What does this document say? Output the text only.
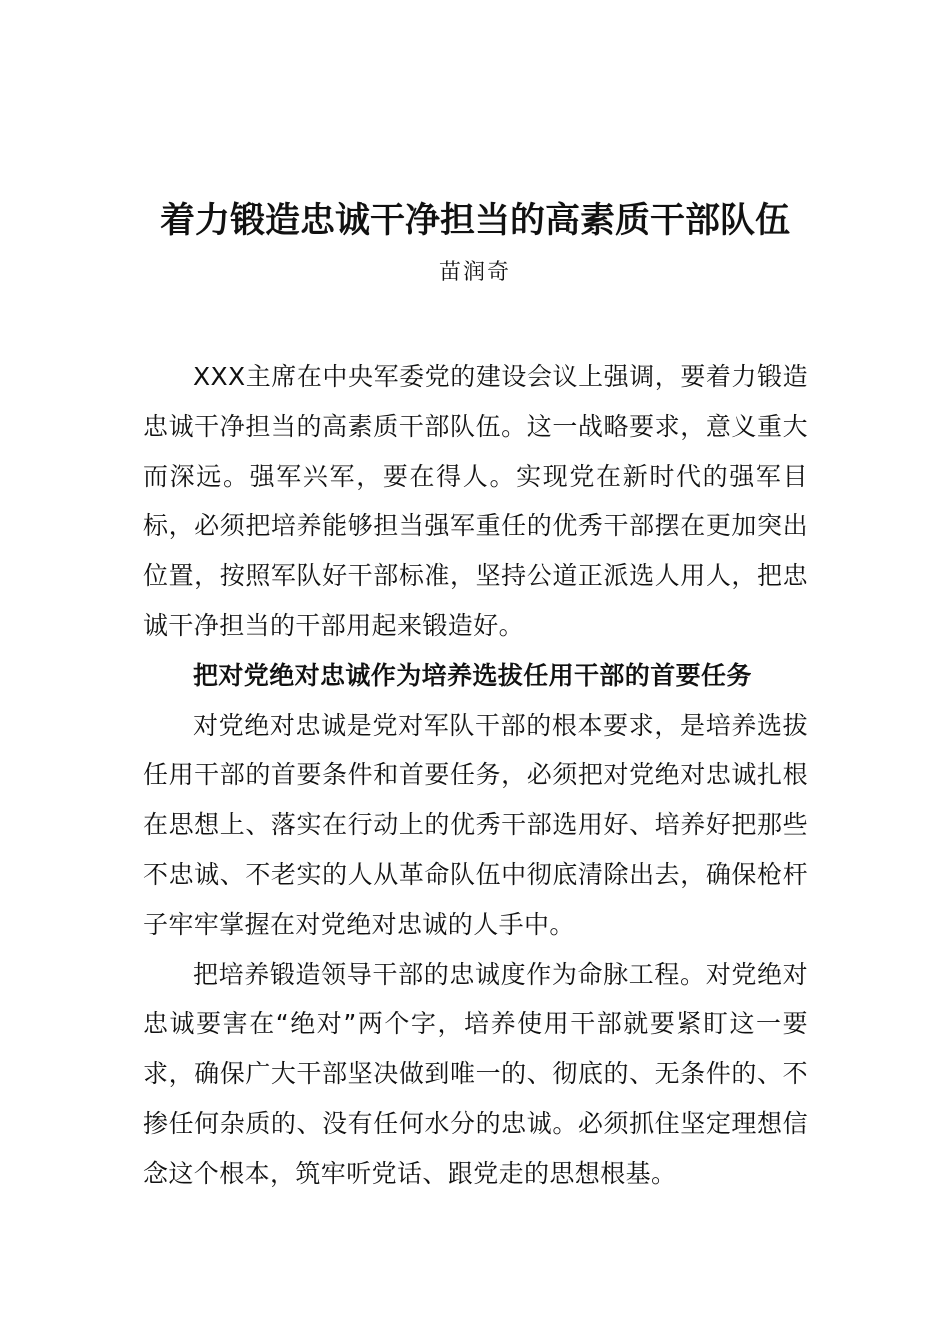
着力锻造忠诚干净担当的高素质干部队伍
苗润奇

XXX主席在中央军委党的建设会议上强调，要着力锻造忠诚干净担当的高素质干部队伍。这一战略要求，意义重大而深远。强军兴军，要在得人。实现党在新时代的强军目标，必须把培养能够担当强军重任的优秀干部摆在更加突出位置，按照军队好干部标准，坚持公道正派选人用人，把忠诚干净担当的干部用起来锻造好。

把对党绝对忠诚作为培养选拔任用干部的首要任务

对党绝对忠诚是党对军队干部的根本要求，是培养选拔任用干部的首要条件和首要任务，必须把对党绝对忠诚扎根在思想上、落实在行动上的优秀干部选用好、培养好把那些不忠诚、不老实的人从革命队伍中彻底清除出去，确保枪杆子牢牢掌握在对党绝对忠诚的人手中。

把培养锻造领导干部的忠诚度作为命脉工程。对党绝对忠诚要害在“绝对”两个字，培养使用干部就要紧盯这一要求，确保广大干部坚决做到唯一的、彻底的、无条件的、不掺任何杂质的、没有任何水分的忠诚。必须抓住坚定理想信念这个根本，筑牢听党话、跟党走的思想根基。
